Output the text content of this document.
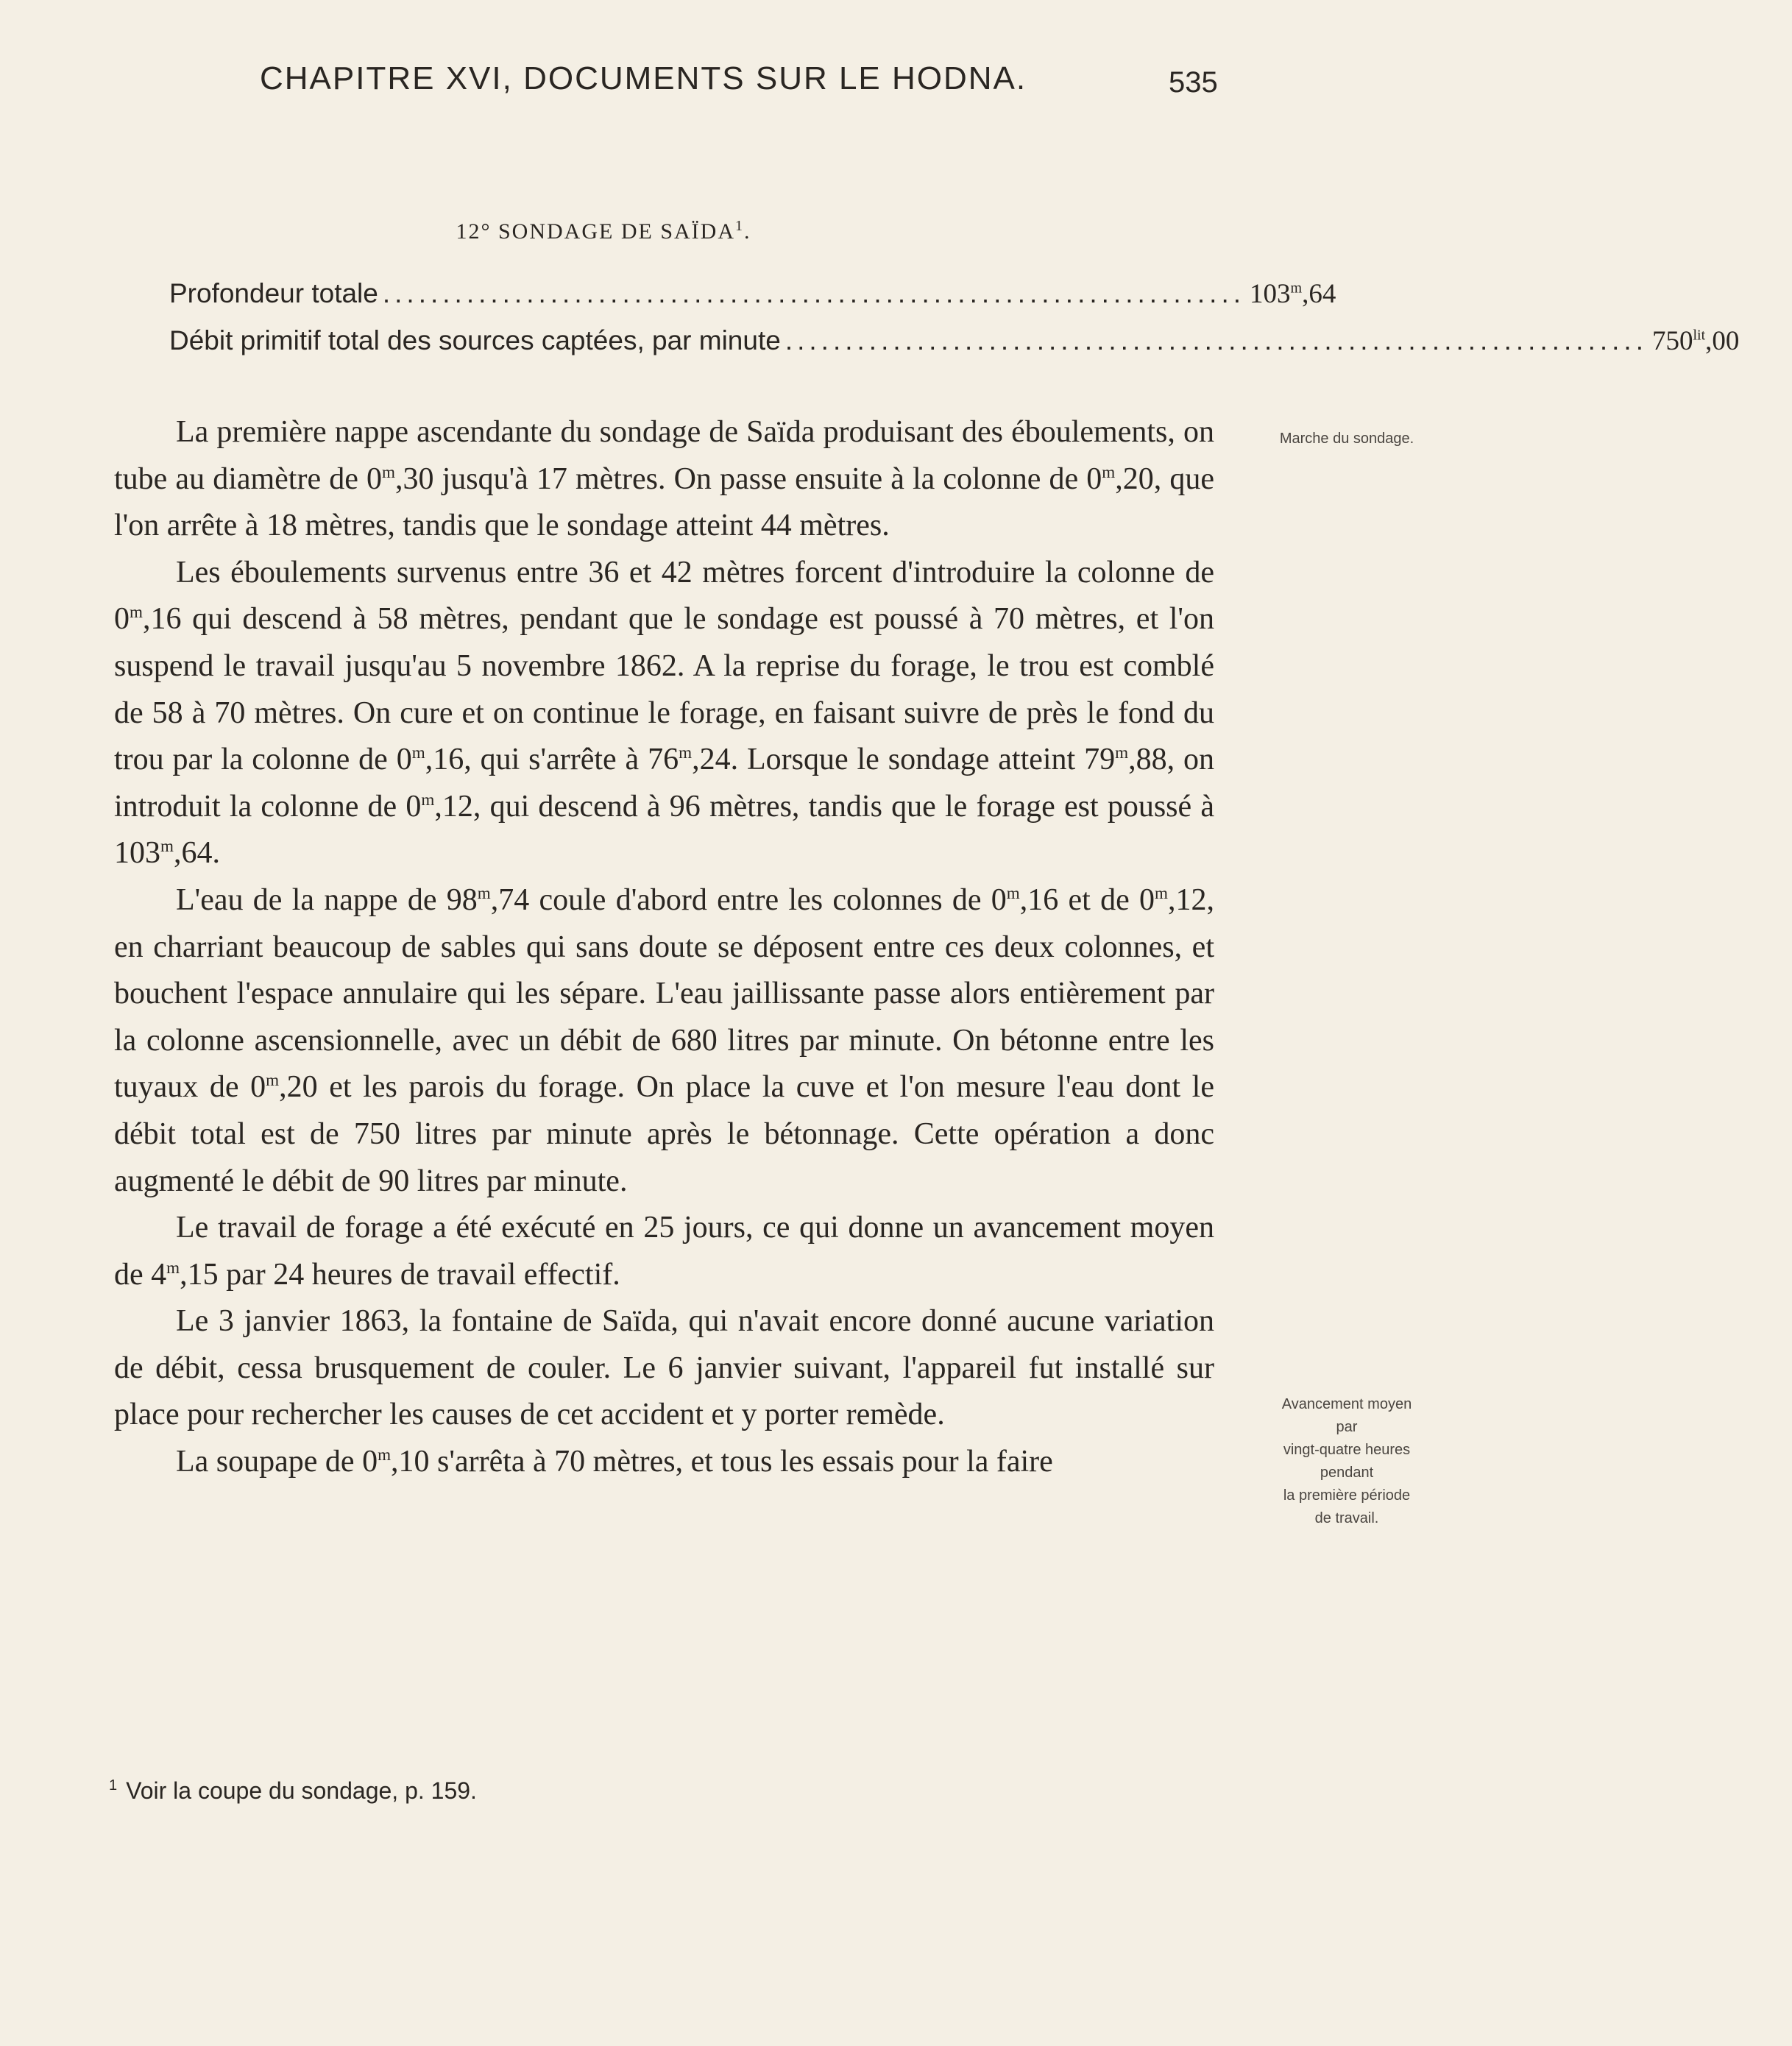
CHAPITRE XVI, DOCUMENTS SUR LE HODNA.	535
12° SONDAGE DE SAÏDA$^1$.
Profondeur totale ........................................................................ 103$^m$,64
Débit primitif total des sources captées, par minute ........................................................................ $750^{lit},00$

La première nappe ascendante du sondage de Saïda produisant des éboulements, on tube au diamètre de 0$^m$,30 jusqu'à 17 mètres. On passe ensuite à la colonne de 0$^m$,20, que l'on arrête à 18 mètres, tandis que le sondage atteint 44 mètres.

Les éboulements survenus entre 36 et 42 mètres forcent d'introduire la colonne de 0$^m$,16 qui descend à 58 mètres, pendant que le sondage est poussé à 70 mètres, et l'on suspend le travail jusqu'au 5 novembre 1862. A la reprise du forage, le trou est comblé de 58 à 70 mètres. On cure et on continue le forage, en faisant suivre de près le fond du trou par la colonne de 0$^m$,16, qui s'arrête à 76$^m$,24. Lorsque le sondage atteint 79$^m$,88, on introduit la colonne de 0$^m$,12, qui descend à 96 mètres, tandis que le forage est poussé à 103$^m$,64.

L'eau de la nappe de 98$^m$,74 coule d'abord entre les colonnes de 0$^m$,16 et de 0$^m$,12, en charriant beaucoup de sables qui sans doute se déposent entre ces deux colonnes, et bouchent l'espace annulaire qui les sépare. L'eau jaillissante passe alors entièrement par la colonne ascensionnelle, avec un débit de 680 litres par minute. On bétonne entre les tuyaux de 0$^m$,20 et les parois du forage. On place la cuve et l'on mesure l'eau dont le débit total est de 750 litres par minute après le bétonnage. Cette opération a donc augmenté le débit de 90 litres par minute.

Le travail de forage a été exécuté en 25 jours, ce qui donne un avancement moyen de 4$^m$,15 par 24 heures de travail effectif.

Le 3 janvier 1863, la fontaine de Saïda, qui n'avait encore donné aucune variation de débit, cessa brusquement de couler. Le 6 janvier suivant, l'appareil fut installé sur place pour rechercher les causes de cet accident et y porter remède.

La soupape de 0$^m$,10 s'arrêta à 70 mètres, et tous les essais pour la faire

Marche du sondage.
Avancement moyen
par
vingt-quatre heures
pendant
la première période
de travail.
$^1$ Voir la coupe du sondage, p. 159.
